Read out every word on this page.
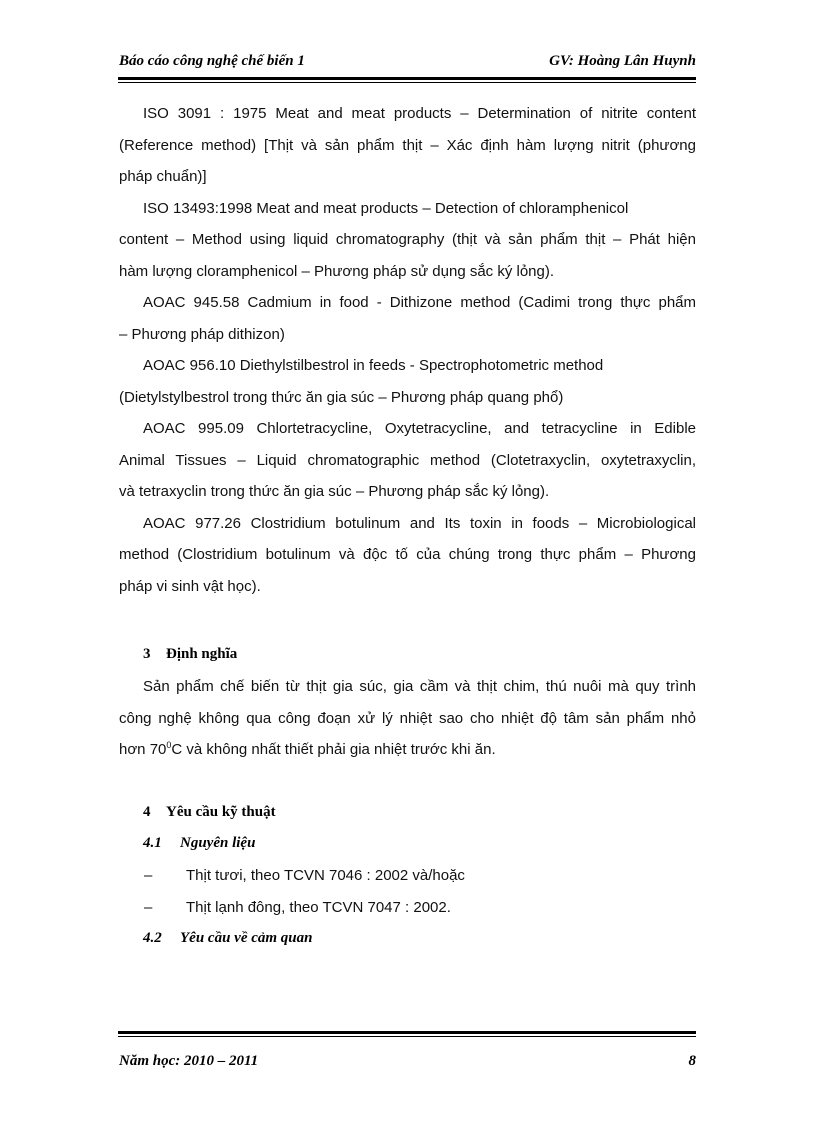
Báo cáo công nghệ chế biến 1	GV: Hoàng Lân Huynh
ISO 3091 : 1975 Meat and meat products – Determination of nitrite content
(Reference method) [Thịt và sản phẩm thịt – Xác định hàm lượng nitrit (phương
pháp chuẩn)]
ISO 13493:1998 Meat and meat products – Detection of chloramphenicol
content – Method using liquid chromatography (thịt và sản phẩm thịt – Phát hiện
hàm lượng cloramphenicol – Phương pháp sử dụng sắc ký lỏng).
AOAC 945.58 Cadmium in food - Dithizone method (Cadimi trong thực phẩm
– Phương pháp dithizon)
AOAC 956.10 Diethylstilbestrol in feeds - Spectrophotometric method
(Dietylstylbestrol trong thức ăn gia súc – Phương pháp quang phổ)
AOAC 995.09 Chlortetracycline, Oxytetracycline, and tetracycline in Edible
Animal Tissues – Liquid chromatographic method (Clotetraxyclin, oxytetraxyclin,
và tetraxyclin trong thức ăn gia súc – Phương pháp sắc ký lỏng).
AOAC 977.26 Clostridium botulinum and Its toxin in foods – Microbiological
method (Clostridium botulinum và độc tố của chúng trong thực phẩm – Phương
pháp vi sinh vật học).
3 Định nghĩa
Sản phẩm chế biến từ thịt gia súc, gia cầm và thịt chim, thú nuôi mà quy trình
công nghệ không qua công đoạn xử lý nhiệt sao cho nhiệt độ tâm sản phẩm nhỏ
hơn $70^0C$ và không nhất thiết phải gia nhiệt trước khi ăn.
4 Yêu cầu kỹ thuật
4.1 Nguyên liệu
– Thịt tươi, theo TCVN 7046 : 2002 và/hoặc
– Thịt lạnh đông, theo TCVN 7047 : 2002.
4.2 Yêu cầu về cảm quan
Năm học: 2010 – 2011	8
